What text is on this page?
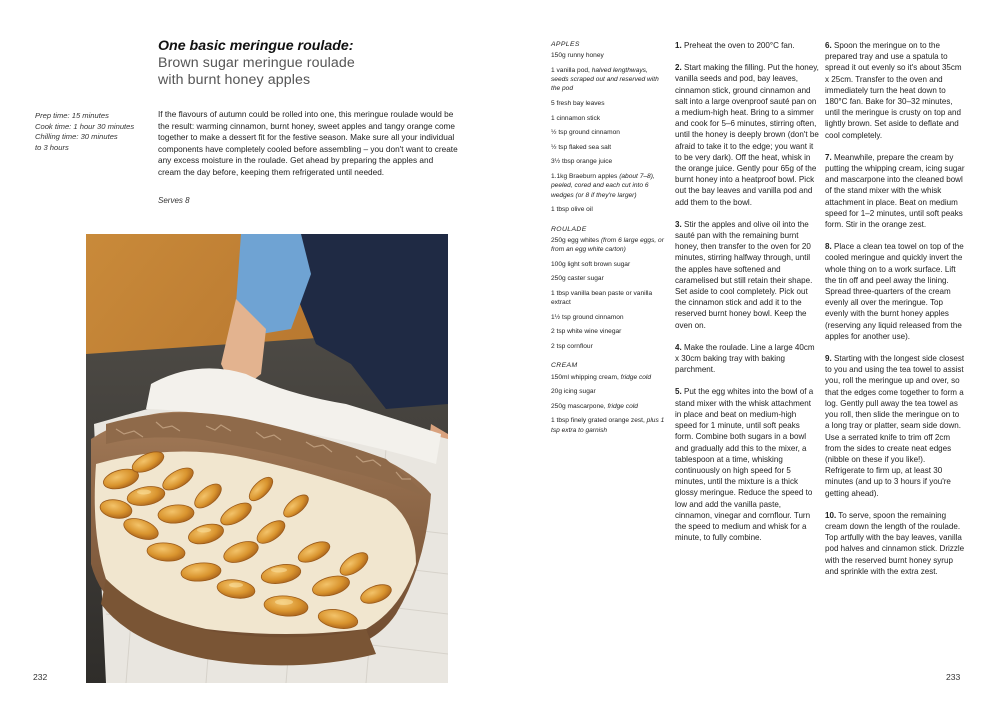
One basic meringue roulade:
Brown sugar meringue roulade
with burnt honey apples
Prep time: 15 minutes
Cook time: 1 hour 30 minutes
Chilling time: 30 minutes
to 3 hours
If the flavours of autumn could be rolled into one, this meringue roulade would be the result: warming cinnamon, burnt honey, sweet apples and tangy orange come together to make a dessert fit for the festive season. Make sure all your individual components have completely cooled before assembling – you don't want to create any excess moisture in the roulade. Get ahead by preparing the apples and cream the day before, keeping them refrigerated until needed.
Serves 8
232
APPLES
150g runny honey
1 vanilla pod, halved lengthways, seeds scraped out and reserved with the pod
5 fresh bay leaves
1 cinnamon stick
½ tsp ground cinnamon
½ tsp flaked sea salt
3½ tbsp orange juice
1.1kg Braeburn apples (about 7–8), peeled, cored and each cut into 6 wedges (or 8 if they're larger)
1 tbsp olive oil
ROULADE
250g egg whites (from 6 large eggs, or from an egg white carton)
100g light soft brown sugar
250g caster sugar
1 tbsp vanilla bean paste or vanilla extract
1½ tsp ground cinnamon
2 tsp white wine vinegar
2 tsp cornflour
CREAM
150ml whipping cream, fridge cold
20g icing sugar
250g mascarpone, fridge cold
1 tbsp finely grated orange zest, plus 1 tsp extra to garnish
1. Preheat the oven to 200°C fan.
2. Start making the filling. Put the honey, vanilla seeds and pod, bay leaves, cinnamon stick, ground cinnamon and salt into a large ovenproof sauté pan on a medium-high heat. Bring to a simmer and cook for 5–6 minutes, stirring often, until the honey is deeply brown (don't be afraid to take it to the edge; you want it to be very dark). Off the heat, whisk in the orange juice. Gently pour 65g of the burnt honey into a heatproof bowl. Pick out the bay leaves and vanilla pod and add them to the bowl.
3. Stir the apples and olive oil into the sauté pan with the remaining burnt honey, then transfer to the oven for 20 minutes, stirring halfway through, until the apples have softened and caramelised but still retain their shape. Set aside to cool completely. Pick out the cinnamon stick and add it to the reserved burnt honey bowl. Keep the oven on.
4. Make the roulade. Line a large 40cm x 30cm baking tray with baking parchment.
5. Put the egg whites into the bowl of a stand mixer with the whisk attachment in place and beat on medium-high speed for 1 minute, until soft peaks form. Combine both sugars in a bowl and gradually add this to the mixer, a tablespoon at a time, whisking continuously on high speed for 5 minutes, until the mixture is a thick glossy meringue. Reduce the speed to low and add the vanilla paste, cinnamon, vinegar and cornflour. Turn the speed to medium and whisk for a minute, to fully combine.
6. Spoon the meringue on to the prepared tray and use a spatula to spread it out evenly so it's about 35cm x 25cm. Transfer to the oven and immediately turn the heat down to 180°C fan. Bake for 30–32 minutes, until the meringue is crusty on top and lightly brown. Set aside to deflate and cool completely.
7. Meanwhile, prepare the cream by putting the whipping cream, icing sugar and mascarpone into the cleaned bowl of the stand mixer with the whisk attachment in place. Beat on medium speed for 1–2 minutes, until soft peaks form. Stir in the orange zest.
8. Place a clean tea towel on top of the cooled meringue and quickly invert the whole thing on to a work surface. Lift the tin off and peel away the lining. Spread three-quarters of the cream evenly all over the meringue. Top evenly with the burnt honey apples (reserving any liquid released from the apples for another use).
9. Starting with the longest side closest to you and using the tea towel to assist you, roll the meringue up and over, so that the edges come together to form a log. Gently pull away the tea towel as you roll, then slide the meringue on to a long tray or platter, seam side down. Use a serrated knife to trim off 2cm from the sides to create neat edges (nibble on these if you like!). Refrigerate to firm up, at least 30 minutes (and up to 3 hours if you're getting ahead).
10. To serve, spoon the remaining cream down the length of the roulade. Top artfully with the bay leaves, vanilla pod halves and cinnamon stick. Drizzle with the reserved burnt honey syrup and sprinkle with the extra zest.
233
